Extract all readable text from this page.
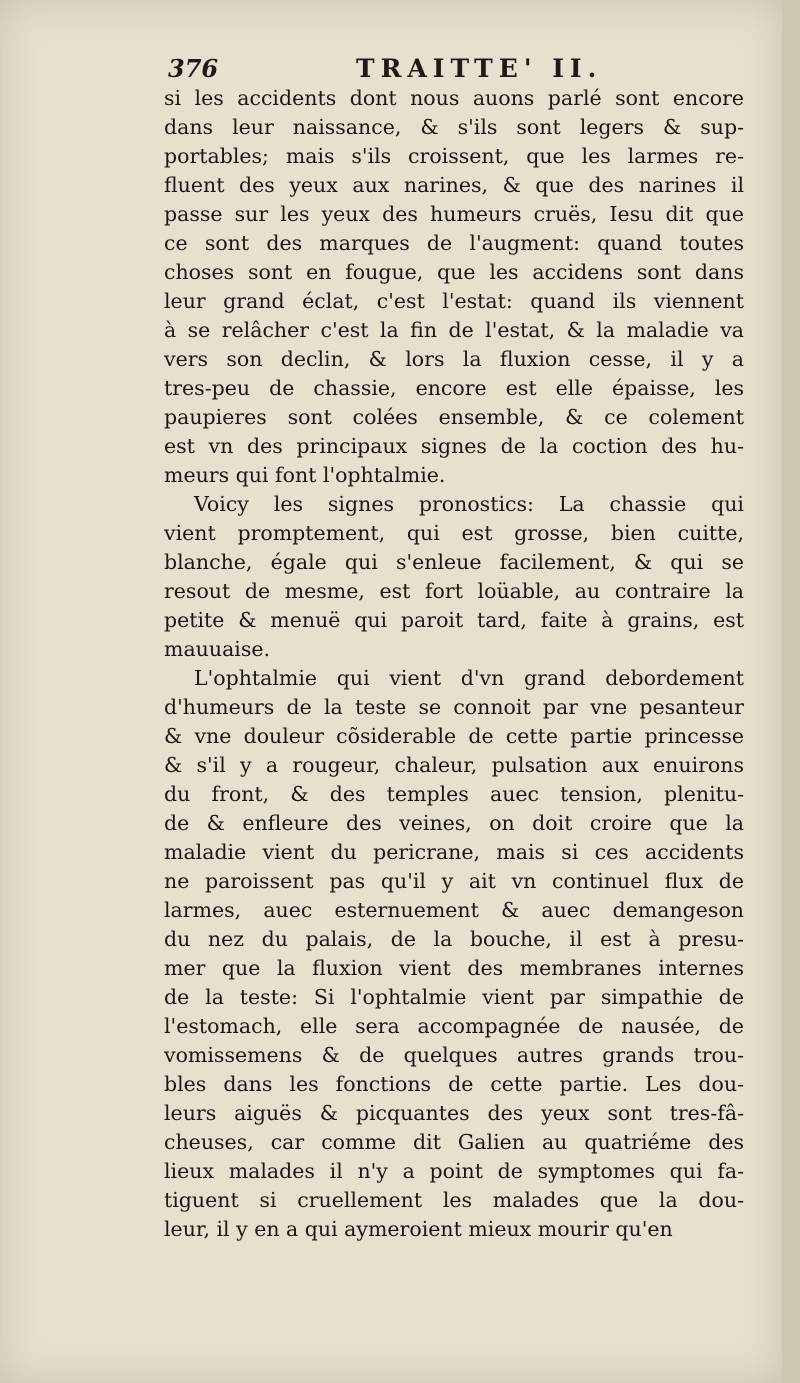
376	TRAITTE' II.
si les accidents dont nous auons parlé sont encore
dans leur naissance, & s'ils sont legers & sup-
portables; mais s'ils croissent, que les larmes re-
fluent des yeux aux narines, & que des narines il
passe sur les yeux des humeurs cruës, Iesu dit que
ce sont des marques de l'augment: quand toutes
choses sont en fougue, que les accidens sont dans
leur grand éclat, c'est l'estat: quand ils viennent
à se relâcher c'est la fin de l'estat, & la maladie va
vers son declin, & lors la fluxion cesse, il y a
tres-peu de chassie, encore est elle épaisse, les
paupieres sont colées ensemble, & ce colement
est vn des principaux signes de la coction des hu-
meurs qui font l'ophtalmie.
Voicy les signes pronostics: La chassie qui
vient promptement, qui est grosse, bien cuitte,
blanche, égale qui s'enleue facilement, & qui se
resout de mesme, est fort loüable, au contraire la
petite & menuë qui paroit tard, faite à grains, est
mauuaise.
L'ophtalmie qui vient d'vn grand debordement
d'humeurs de la teste se connoit par vne pesanteur
& vne douleur cõsiderable de cette partie princesse
& s'il y a rougeur, chaleur, pulsation aux enuirons
du front, & des temples auec tension, plenitu-
de & enfleure des veines, on doit croire que la
maladie vient du pericrane, mais si ces accidents
ne paroissent pas qu'il y ait vn continuel flux de
larmes, auec esternuement & auec demangeson
du nez du palais, de la bouche, il est à presu-
mer que la fluxion vient des membranes internes
de la teste: Si l'ophtalmie vient par simpathie de
l'estomach, elle sera accompagnée de nausée, de
vomissemens & de quelques autres grands trou-
bles dans les fonctions de cette partie. Les dou-
leurs aiguës & picquantes des yeux sont tres-fâ-
cheuses, car comme dit Galien au quatriéme des
lieux malades il n'y a point de symptomes qui fa-
tiguent si cruellement les malades que la dou-
leur, il y en a qui aymeroient mieux mourir qu'en
